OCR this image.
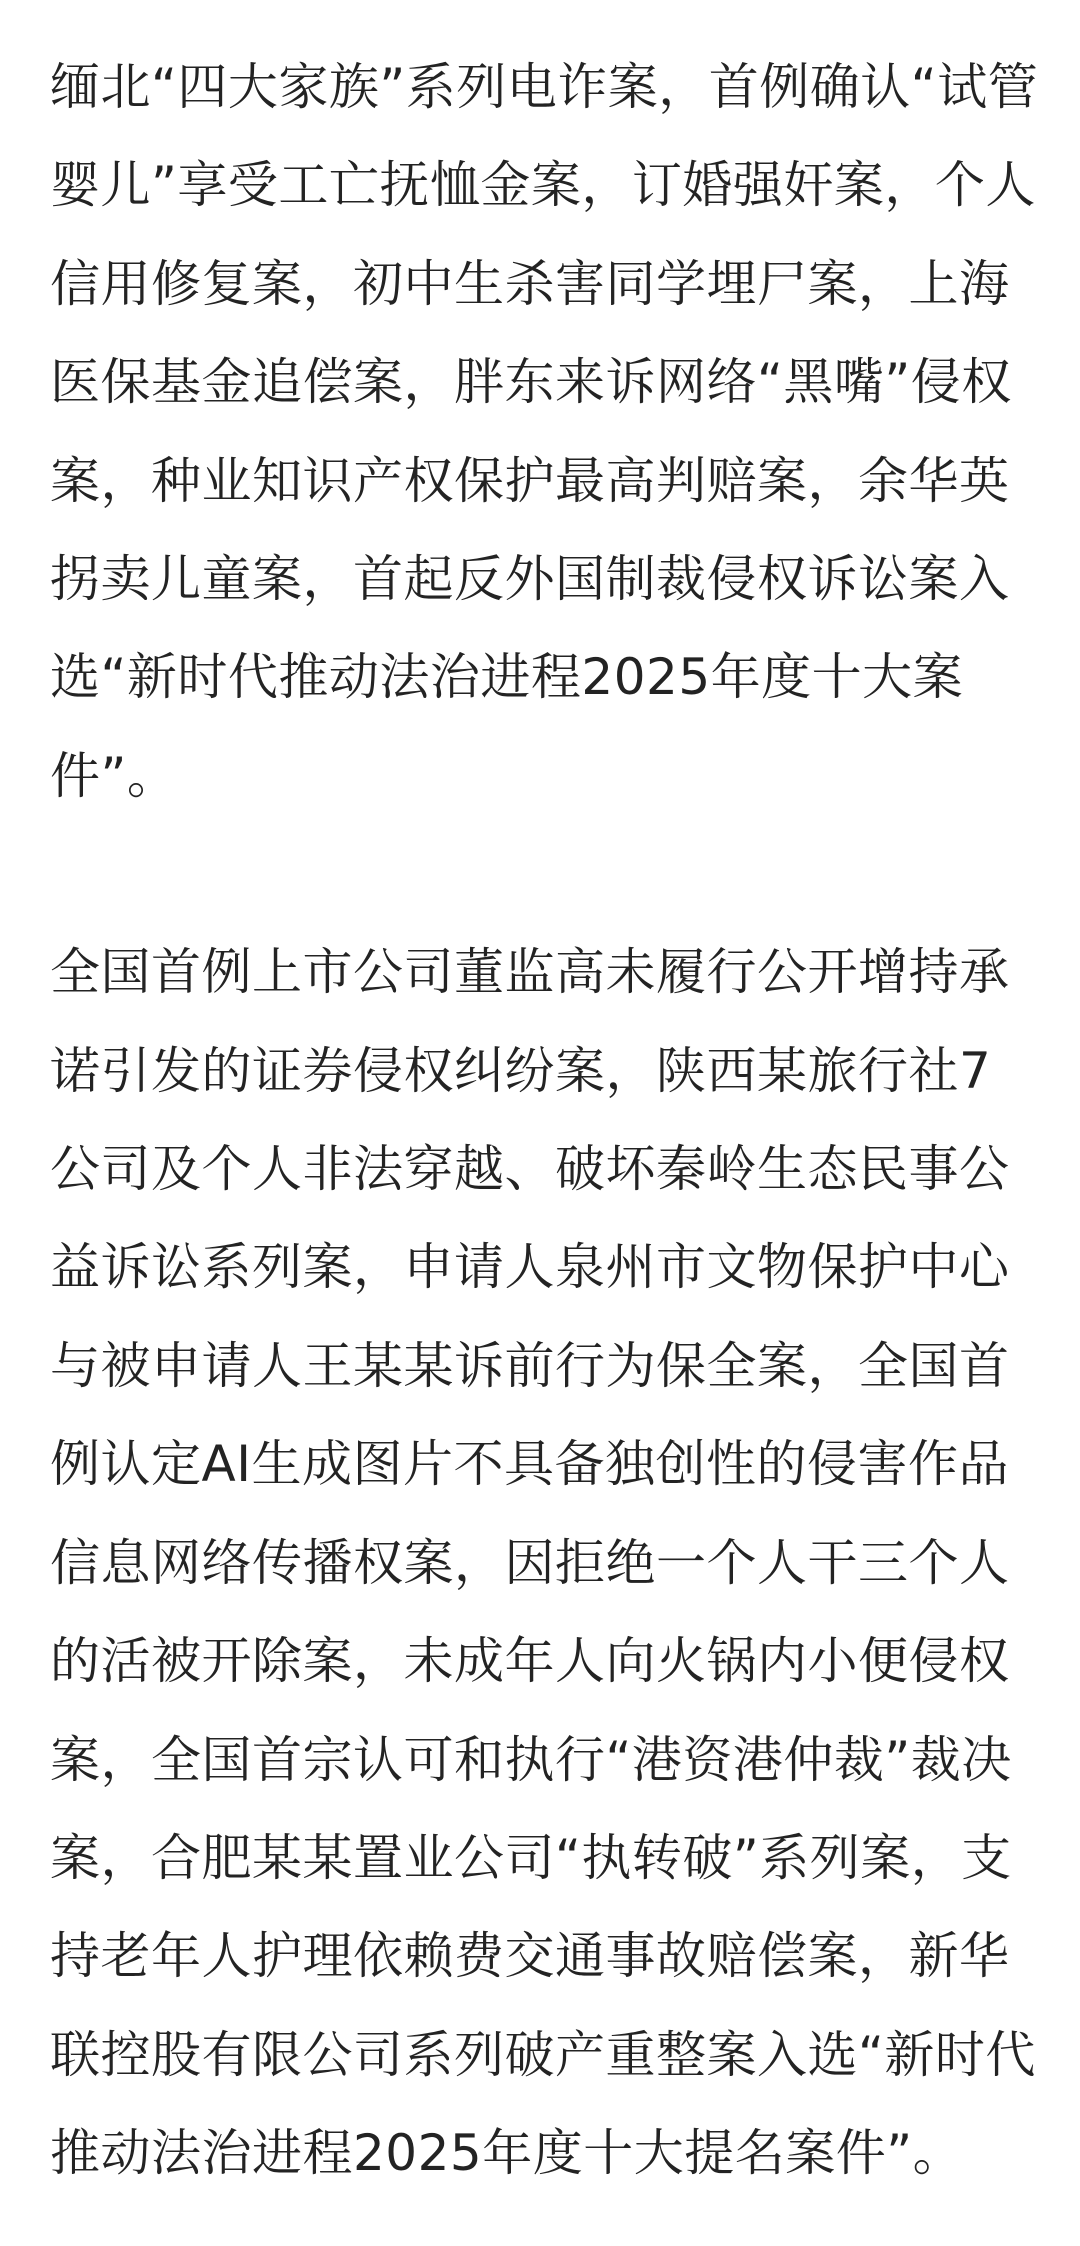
缅北“四大家族”系列电诈案，首例确认“试管婴儿”享受工亡抚恤金案，订婚强奸案，个人信用修复案，初中生杀害同学埋尸案，上海医保基金追偿案，胖东来诉网络“黑嘴”侵权案，种业知识产权保护最高判赔案，余华英拐卖儿童案，首起反外国制裁侵权诉讼案入选“新时代推动法治进程2025年度十大案件”。

全国首例上市公司董监高未履行公开增持承诺引发的证券侵权纠纷案，陕西某旅行社7公司及个人非法穿越、破坏秦岭生态民事公益诉讼系列案，申请人泉州市文物保护中心与被申请人王某某诉前行为保全案，全国首例认定AI生成图片不具备独创性的侵害作品信息网络传播权案，因拒绝一个人干三个人的活被开除案，未成年人向火锅内小便侵权案，全国首宗认可和执行“港资港仲裁”裁决案，合肥某某置业公司“执转破”系列案，支持老年人护理依赖费交通事故赔偿案，新华联控股有限公司系列破产重整案入选“新时代推动法治进程2025年度十大提名案件”。
